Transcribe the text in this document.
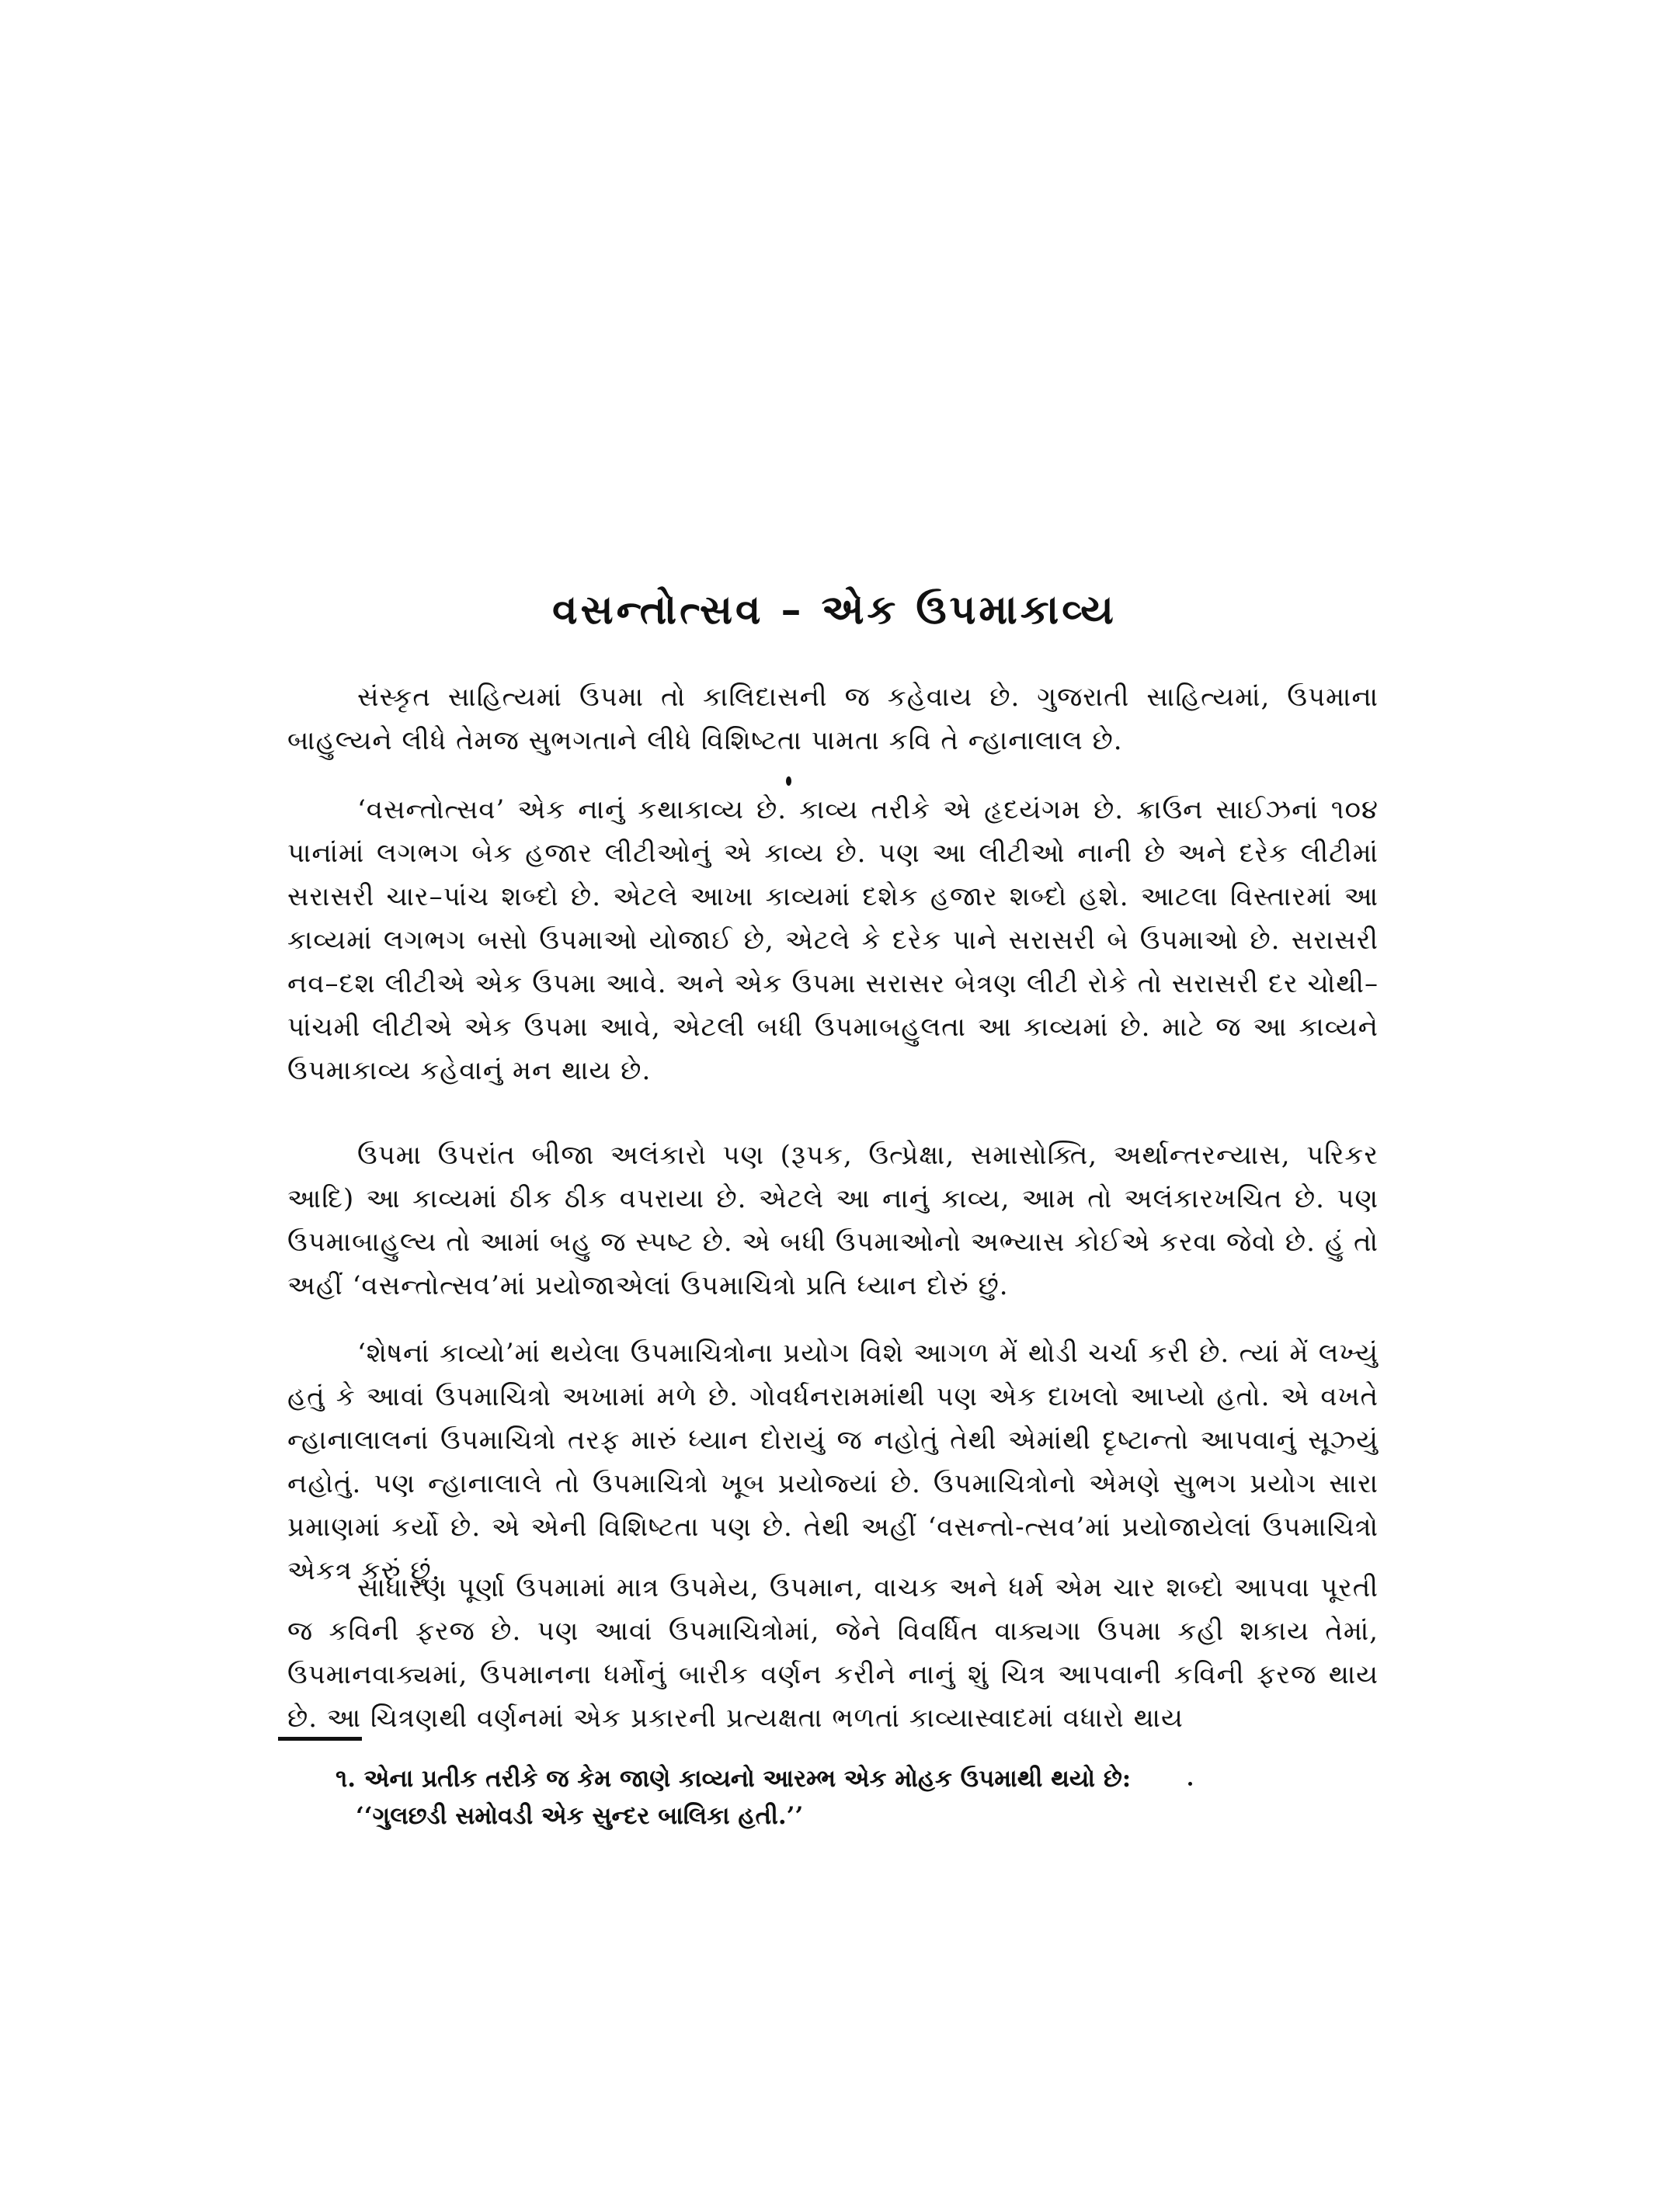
વસન્તોત્સવ – એક ઉપમાકાવ્ય
સંસ્કૃત સાહિત્યમાં ઉપમા તો કાલિદાસની જ કહેવાય છે. ગુજરાતી સાહિત્યમાં, ઉપમાના બાહુલ્યને લીધે તેમજ સુભગતાને લીધે વિશિષ્ટતા પામતા કવિ તે ન્હાનાલાલ છે.
‘વસન્તોત્સવ’ એક નાનું કથાકાવ્ય છે. કાવ્ય તરીકે એ હૃદયંગમ છે. ક્રાઉન સાઈઝનાં ૧૦૪ પાનાંમાં લગભગ બેક હજાર લીટીઓનું એ કાવ્ય છે. પણ આ લીટીઓ નાની છે અને દરેક લીટીમાં સરાસરી ચાર–પાંચ શબ્દો છે. એટલે આખા કાવ્યમાં દશેક હજાર શબ્દો હશે. આટલા વિસ્તારમાં આ કાવ્યમાં લગભગ બસો ઉપમાઓ યોજાઈ છે, એટલે કે દરેક પાને સરાસરી બે ઉપમાઓ છે. સરાસરી નવ–દશ લીટીએ એક ઉપમા આવે. અને એક ઉપમા સરાસર બેત્રણ લીટી રોકે તો સરાસરી દર ચોથી–પાંચમી લીટીએ એક ઉપમા આવે, એટલી બધી ઉપમાબહુલતા આ કાવ્યમાં છે. માટે જ આ કાવ્યને ઉપમાકાવ્ય કહેવાનું મન થાય છે.
ઉપમા ઉપરાંત બીજા અલંકારો પણ (રૂપક, ઉત્પ્રેક્ષા, સમાસોક્તિ, અર્થાન્તરન્યાસ, પરિકર આદિ) આ કાવ્યમાં ઠીક ઠીક વપરાયા છે. એટલે આ નાનું કાવ્ય, આમ તો અલંકારખચિત છે. પણ ઉપમાબાહુલ્ય તો આમાં બહુ જ સ્પષ્ટ છે. એ બધી ઉપમાઓનો અભ્યાસ કોઈએ કરવા જેવો છે. હું તો અહીં ‘વસન્તોત્સવ’માં પ્રયોજાએલાં ઉપમાચિત્રો પ્રતિ ધ્યાન દોરું છું.
‘શેષનાં કાવ્યો’માં થયેલા ઉપમાચિત્રોના પ્રયોગ વિશે આગળ મેં થોડી ચર્ચા કરી છે. ત્યાં મેં લખ્યું હતું કે આવાં ઉપમાચિત્રો અખામાં મળે છે. ગોવર્ધનરામમાંથી પણ એક દાખલો આપ્યો હતો. એ વખતે ન્હાનાલાલનાં ઉપમાચિત્રો તરફ મારું ધ્યાન દોરાયું જ નહોતું તેથી એમાંથી દૃષ્ટાન્તો આપવાનું સૂઝ્યું નહોતું. પણ ન્હાનાલાલે તો ઉપમાચિત્રો ખૂબ પ્રયોજ્યાં છે. ઉપમાચિત્રોનો એમણે સુભગ પ્રયોગ સારા પ્રમાણમાં કર્યો છે. એ એની વિશિષ્ટતા પણ છે. તેથી અહીં ‘વસન્તો-ત્સવ’માં પ્રયોજાયેલાં ઉપમાચિત્રો એકત્ર કરું છું.
સાધારણ પૂર્ણા ઉપમામાં માત્ર ઉપમેય, ઉપમાન, વાચક અને ધર્મ એમ ચાર શબ્દો આપવા પૂરતી જ કવિની ફરજ છે. પણ આવાં ઉપમાચિત્રોમાં, જેને વિવર્ધિત વાક્યગા ઉપમા કહી શકાય તેમાં, ઉપમાનવાક્યમાં, ઉપમાનના ધર્મોનું બારીક વર્ણન કરીને નાનું શું ચિત્ર આપવાની કવિની ફરજ થાય છે. આ ચિત્રણથી વર્ણનમાં એક પ્રકારની પ્રત્યક્ષતા ભળતાં કાવ્યાસ્વાદમાં વધારો થાય
૧. એના પ્રતીક તરીકે જ કેમ જાણે કાવ્યનો આરમ્ભ એક મોહક ઉપમાથી થયો છે:
‘‘ગુલછડી સમોવડી એક સુન્દર બાલિકા હતી.’’
